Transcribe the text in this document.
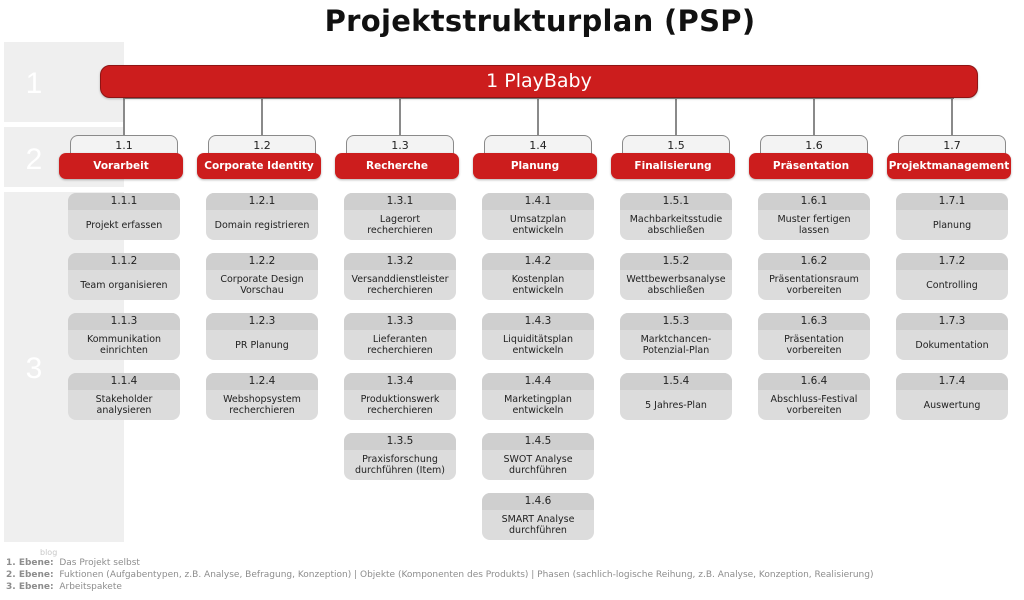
Projektstrukturplan (PSP)
1
2
3
1 PlayBaby
1.1
Vorarbeit
1.1.1
Projekt erfassen
1.1.2
Team organisieren
1.1.3
Kommunikation einrichten
1.1.4
Stakeholder analysieren
1.2
Corporate Identity
1.2.1
Domain registrieren
1.2.2
Corporate Design Vorschau
1.2.3
PR Planung
1.2.4
Webshopsystem recherchieren
1.3
Recherche
1.3.1
Lagerort recherchieren
1.3.2
Versanddienstleister recherchieren
1.3.3
Lieferanten recherchieren
1.3.4
Produktionswerk recherchieren
1.3.5
Praxisforschung durchführen (Item)
1.4
Planung
1.4.1
Umsatzplan entwickeln
1.4.2
Kostenplan entwickeln
1.4.3
Liquiditätsplan entwickeln
1.4.4
Marketingplan entwickeln
1.4.5
SWOT Analyse durchführen
1.4.6
SMART Analyse durchführen
1.5
Finalisierung
1.5.1
Machbarkeitsstudie abschließen
1.5.2
Wettbewerbsanalyse abschließen
1.5.3
Marktchancen-Potenzial-Plan
1.5.4
5 Jahres-Plan
1.6
Präsentation
1.6.1
Muster fertigen lassen
1.6.2
Präsentationsraum vorbereiten
1.6.3
Präsentation vorbereiten
1.6.4
Abschluss-Festival vorbereiten
1.7
Projektmanagement
1.7.1
Planung
1.7.2
Controlling
1.7.3
Dokumentation
1.7.4
Auswertung
blog
1. Ebene: Das Projekt selbst
2. Ebene: Fuktionen (Aufgabentypen, z.B. Analyse, Befragung, Konzeption) | Objekte (Komponenten des Produkts) | Phasen (sachlich-logische Reihung, z.B. Analyse, Konzeption, Realisierung)
3. Ebene: Arbeitspakete
